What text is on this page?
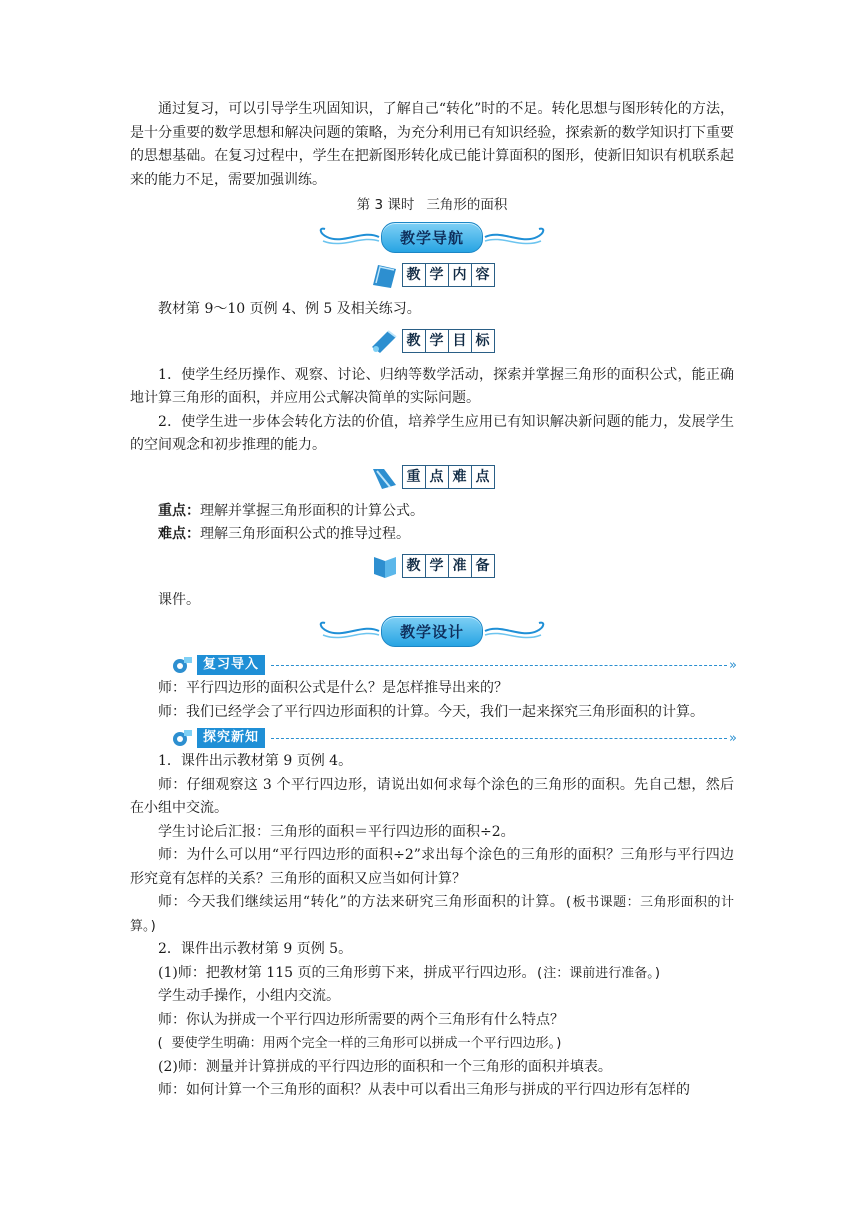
通过复习，可以引导学生巩固知识，了解自己“转化”时的不足。转化思想与图形转化的方法，是十分重要的数学思想和解决问题的策略，为充分利用已有知识经验，探索新的数学知识打下重要的思想基础。在复习过程中，学生在把新图形转化成已能计算面积的图形，使新旧知识有机联系起来的能力不足，需要加强训练。

第 3 课时 三角形的面积
教学导航
教 学 内 容

教材第 9～10 页例 4、例 5 及相关练习。

教 学 目 标

1．使学生经历操作、观察、讨论、归纳等数学活动，探索并掌握三角形的面积公式，能正确地计算三角形的面积，并应用公式解决简单的实际问题。

2．使学生进一步体会转化方法的价值，培养学生应用已有知识解决新问题的能力，发展学生的空间观念和初步推理的能力。

重 点 难 点

重点：理解并掌握三角形面积的计算公式。

难点：理解三角形面积公式的推导过程。

教 学 准 备

课件。

教学设计
复习导入	»

师：平行四边形的面积公式是什么？是怎样推导出来的？

师：我们已经学会了平行四边形面积的计算。今天，我们一起来探究三角形面积的计算。

探究新知	»

1．课件出示教材第 9 页例 4。

师：仔细观察这 3 个平行四边形，请说出如何求每个涂色的三角形的面积。先自己想，然后在小组中交流。

学生讨论后汇报：三角形的面积＝平行四边形的面积÷2。

师：为什么可以用“平行四边形的面积÷2”求出每个涂色的三角形的面积？三角形与平行四边形究竟有怎样的关系？三角形的面积又应当如何计算？

师：今天我们继续运用“转化”的方法来研究三角形面积的计算。(板书课题：三角形面积的计算。)

2．课件出示教材第 9 页例 5。

(1)师：把教材第 115 页的三角形剪下来，拼成平行四边形。(注：课前进行准备。)

学生动手操作，小组内交流。

师：你认为拼成一个平行四边形所需要的两个三角形有什么特点？

( 要使学生明确：用两个完全一样的三角形可以拼成一个平行四边形。)

(2)师：测量并计算拼成的平行四边形的面积和一个三角形的面积并填表。

师：如何计算一个三角形的面积？从表中可以看出三角形与拼成的平行四边形有怎样的
